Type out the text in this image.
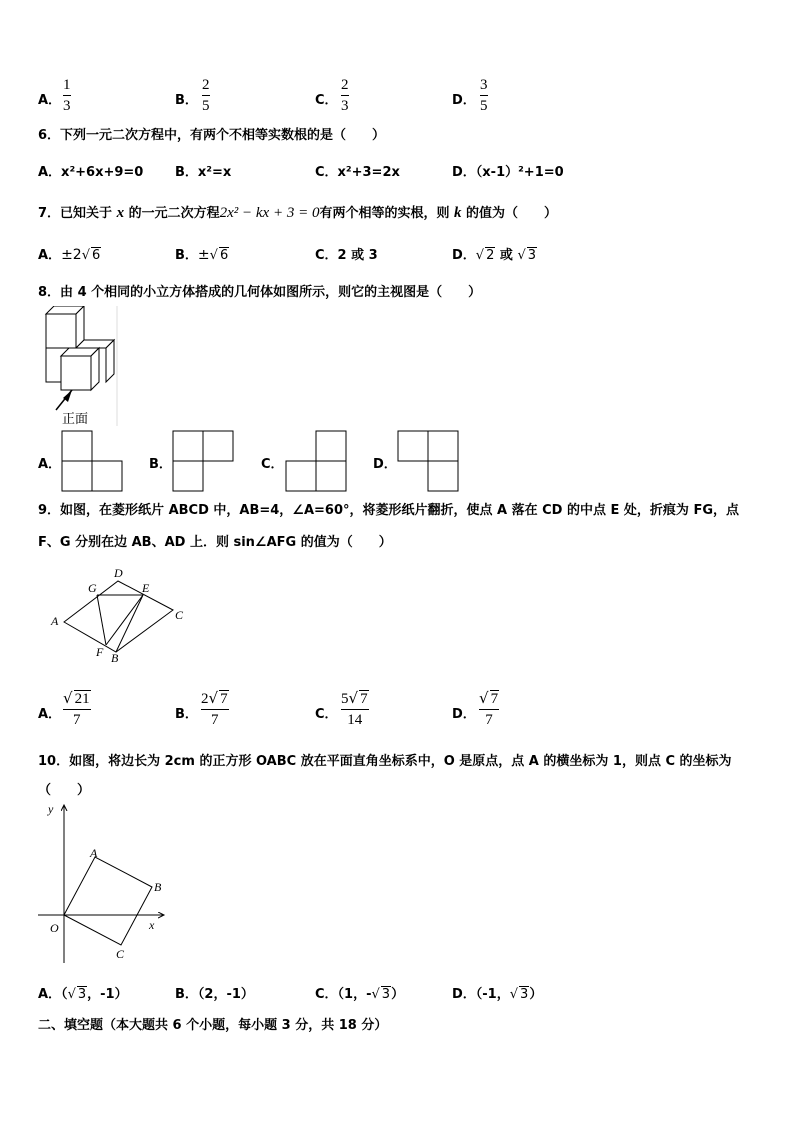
A．
1
3	B．
2
5	C．
2
3	D．
3
5
6．下列一元二次方程中，有两个不相等实数根的是（　　）
A．x²+6x+9=0 B．x²=x	C．x²+3=2x	D．（x-1）²+1=0
7．已知关于 x 的一元二次方程2x² − kx + 3 = 0有两个相等的实根，则 k 的值为（　　）
A．±2√ 6	B．±√ 6	C．2 或 3	D．√ 2 或 √ 3
8．由 4 个相同的小立方体搭成的几何体如图所示，则它的主视图是（　　）
正面
A．	B．	C．	D．
9．如图，在菱形纸片 ABCD 中，AB=4，∠A=60°，将菱形纸片翻折，使点 A 落在 CD 的中点 E 处，折痕为 FG，点
F、G 分别在边 AB、AD 上．则 sin∠AFG 的值为（　　）
G
D
E
A	C
F B
A．
√ 21
7	B．
2√ 7
7	C．
5√ 7
14	D．
√ 7
7
10．如图，将边长为 2cm 的正方形 OABC 放在平面直角坐标系中，O 是原点，点 A 的横坐标为 1，则点 C 的坐标为
（　　）
y
x
O
A
B
C
A．（√ 3，-1）	B．（2，-1）	C．（1，-√ 3）	D．（-1，√ 3）
二、填空题（本大题共 6 个小题，每小题 3 分，共 18 分）
